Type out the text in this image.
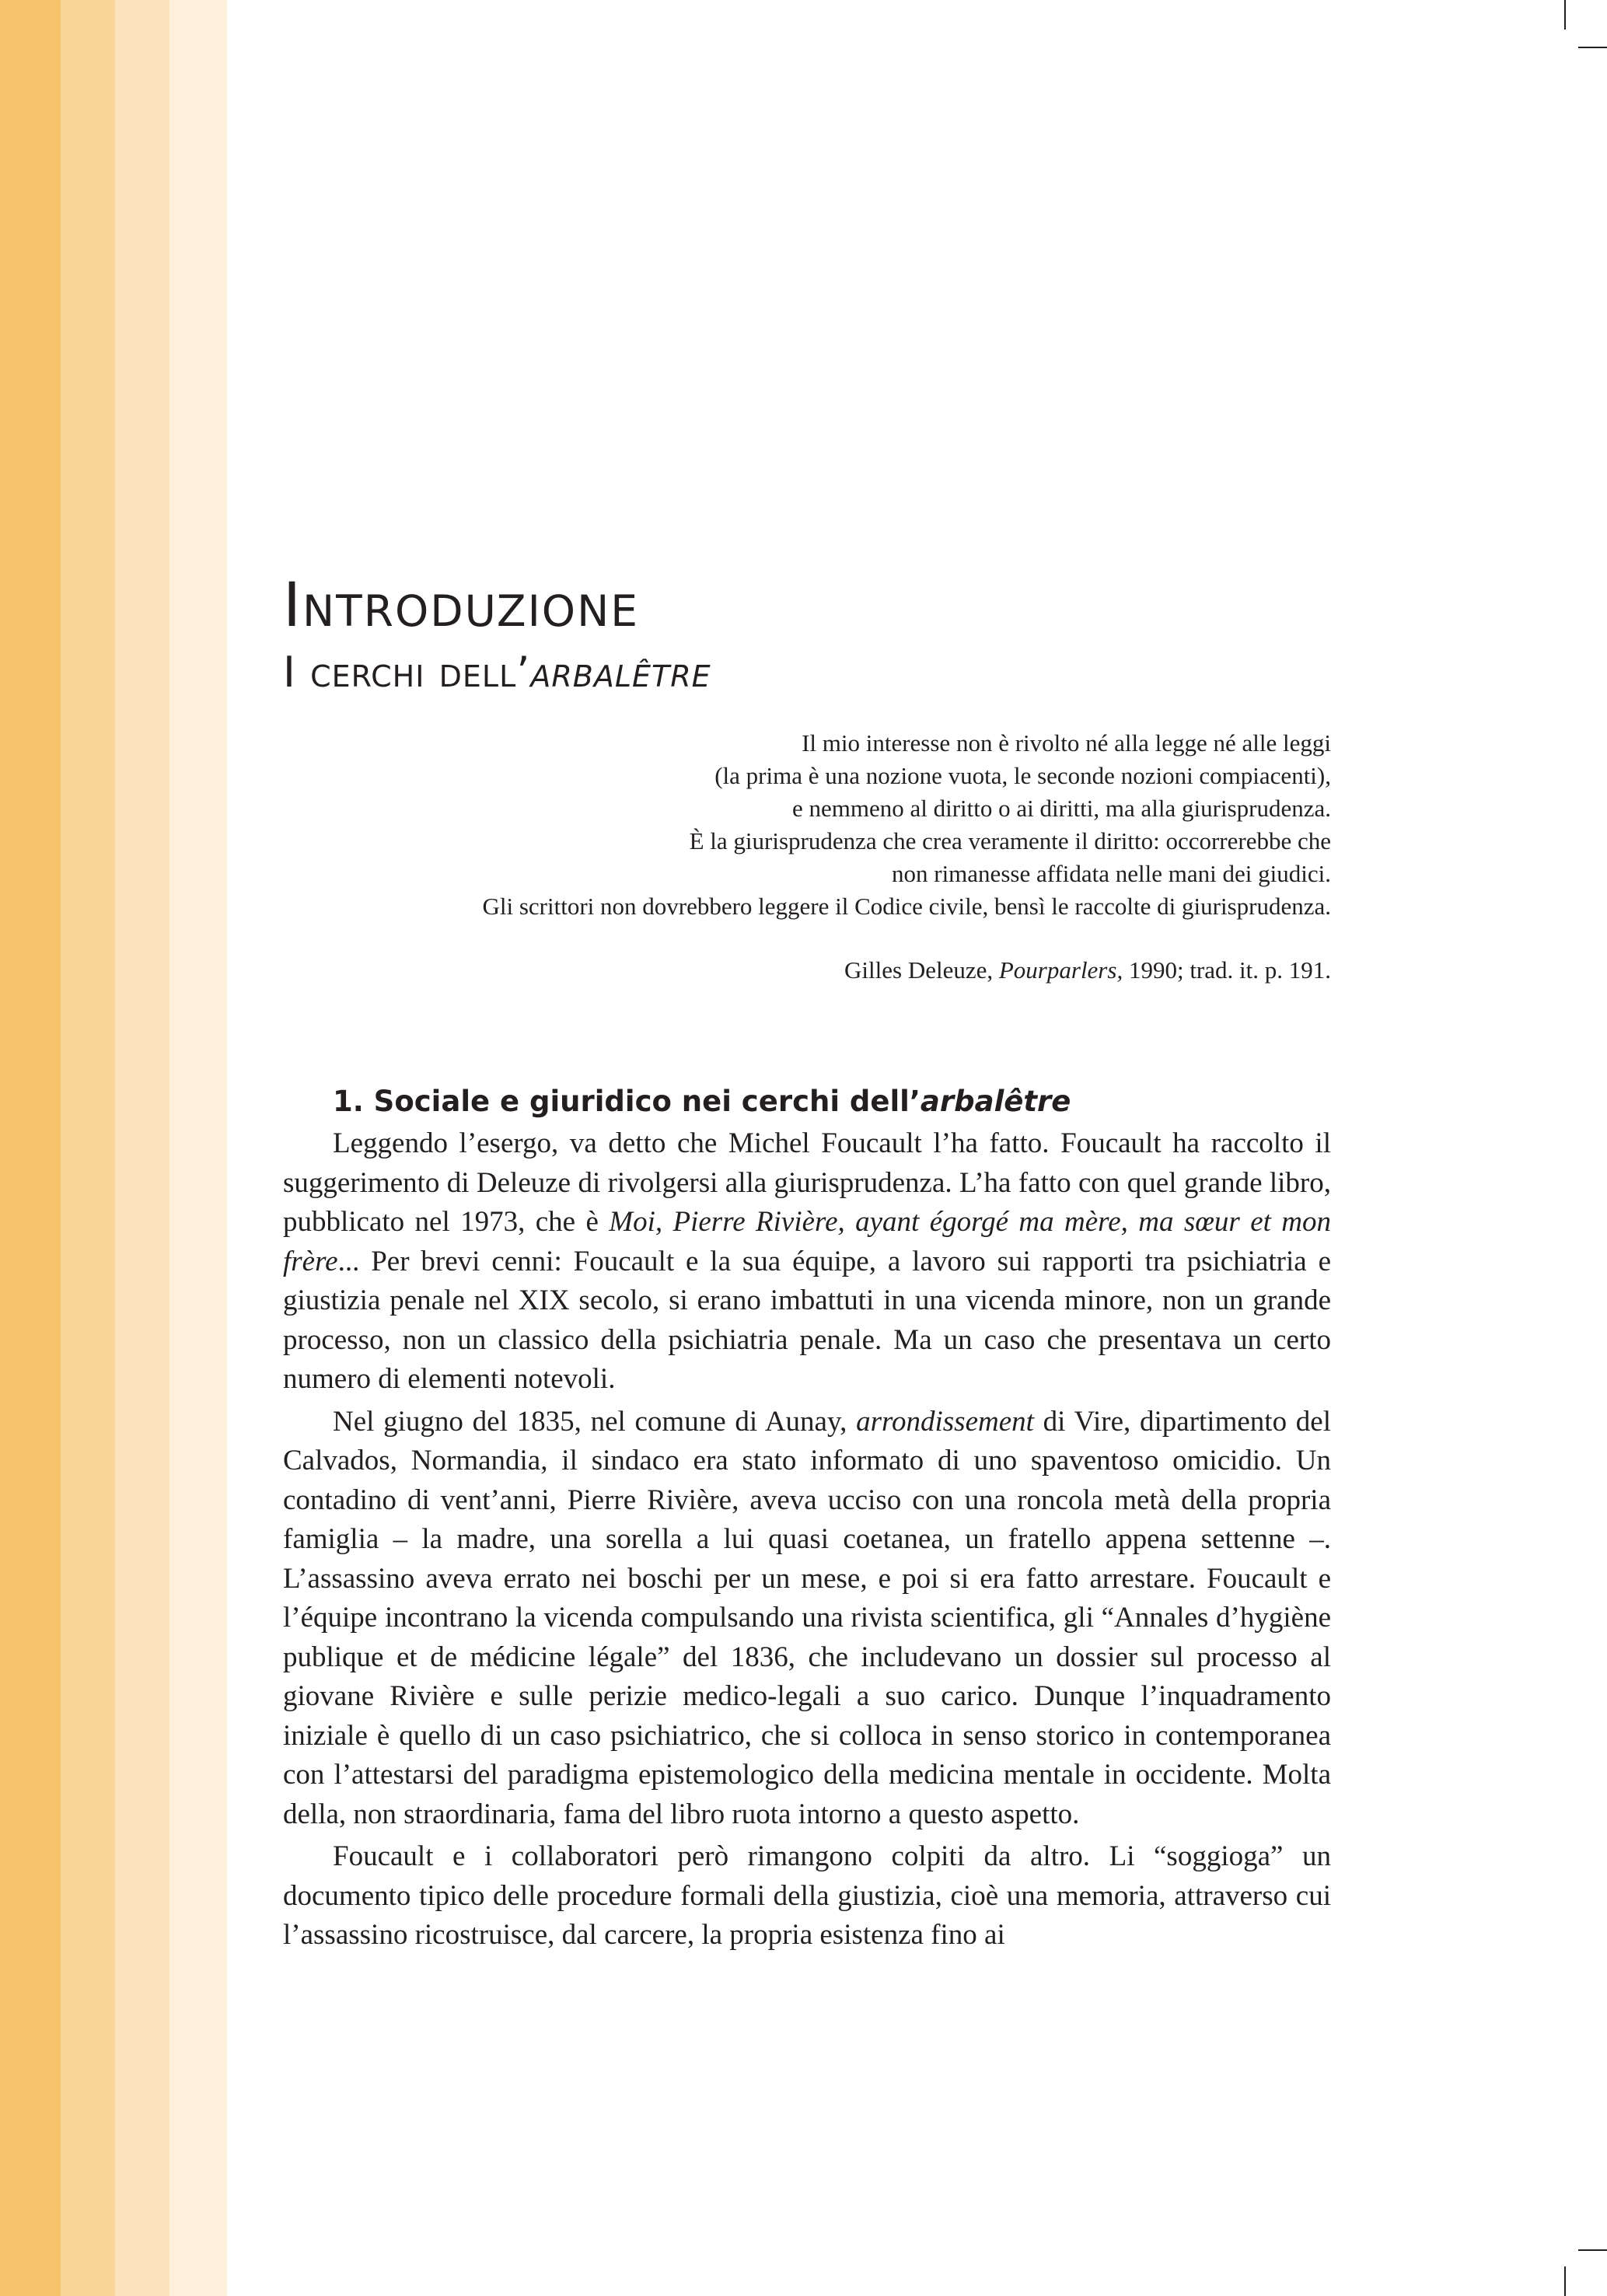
Introduzione
I cerchi dell’arbalêtre
Il mio interesse non è rivolto né alla legge né alle leggi
(la prima è una nozione vuota, le seconde nozioni compiacenti),
e nemmeno al diritto o ai diritti, ma alla giurisprudenza.
È la giurisprudenza che crea veramente il diritto: occorrerebbe che
non rimanesse affidata nelle mani dei giudici.
Gli scrittori non dovrebbero leggere il Codice civile, bensì le raccolte di giurisprudenza.
Gilles Deleuze, Pourparlers, 1990; trad. it. p. 191.
1. Sociale e giuridico nei cerchi dell’arbalêtre

Leggendo l’esergo, va detto che Michel Foucault l’ha fatto. Foucault ha raccolto il suggerimento di Deleuze di rivolgersi alla giurisprudenza. L’ha fatto con quel grande libro, pubblicato nel 1973, che è Moi, Pierre Rivière, ayant égorgé ma mère, ma sœur et mon frère... Per brevi cenni: Foucault e la sua équipe, a lavoro sui rapporti tra psichiatria e giustizia penale nel XIX secolo, si erano imbattuti in una vicenda minore, non un grande processo, non un classico della psichiatria penale. Ma un caso che presentava un certo numero di elementi notevoli.

Nel giugno del 1835, nel comune di Aunay, arrondissement di Vire, dipartimento del Calvados, Normandia, il sindaco era stato informato di uno spaventoso omicidio. Un contadino di vent’anni, Pierre Rivière, aveva ucciso con una roncola metà della propria famiglia – la madre, una sorella a lui quasi coetanea, un fratello appena settenne –. L’assassino aveva errato nei boschi per un mese, e poi si era fatto arrestare. Foucault e l’équipe incontrano la vicenda compulsando una rivista scientifica, gli “Annales d’hygiène publique et de médicine légale” del 1836, che includevano un dossier sul processo al giovane Rivière e sulle perizie medico-legali a suo carico. Dunque l’inquadramento iniziale è quello di un caso psichiatrico, che si colloca in senso storico in contemporanea con l’attestarsi del paradigma epistemologico della medicina mentale in occidente. Molta della, non straordinaria, fama del libro ruota intorno a questo aspetto.

Foucault e i collaboratori però rimangono colpiti da altro. Li “soggioga” un documento tipico delle procedure formali della giustizia, cioè una memoria, attraverso cui l’assassino ricostruisce, dal carcere, la propria esistenza fino ai
